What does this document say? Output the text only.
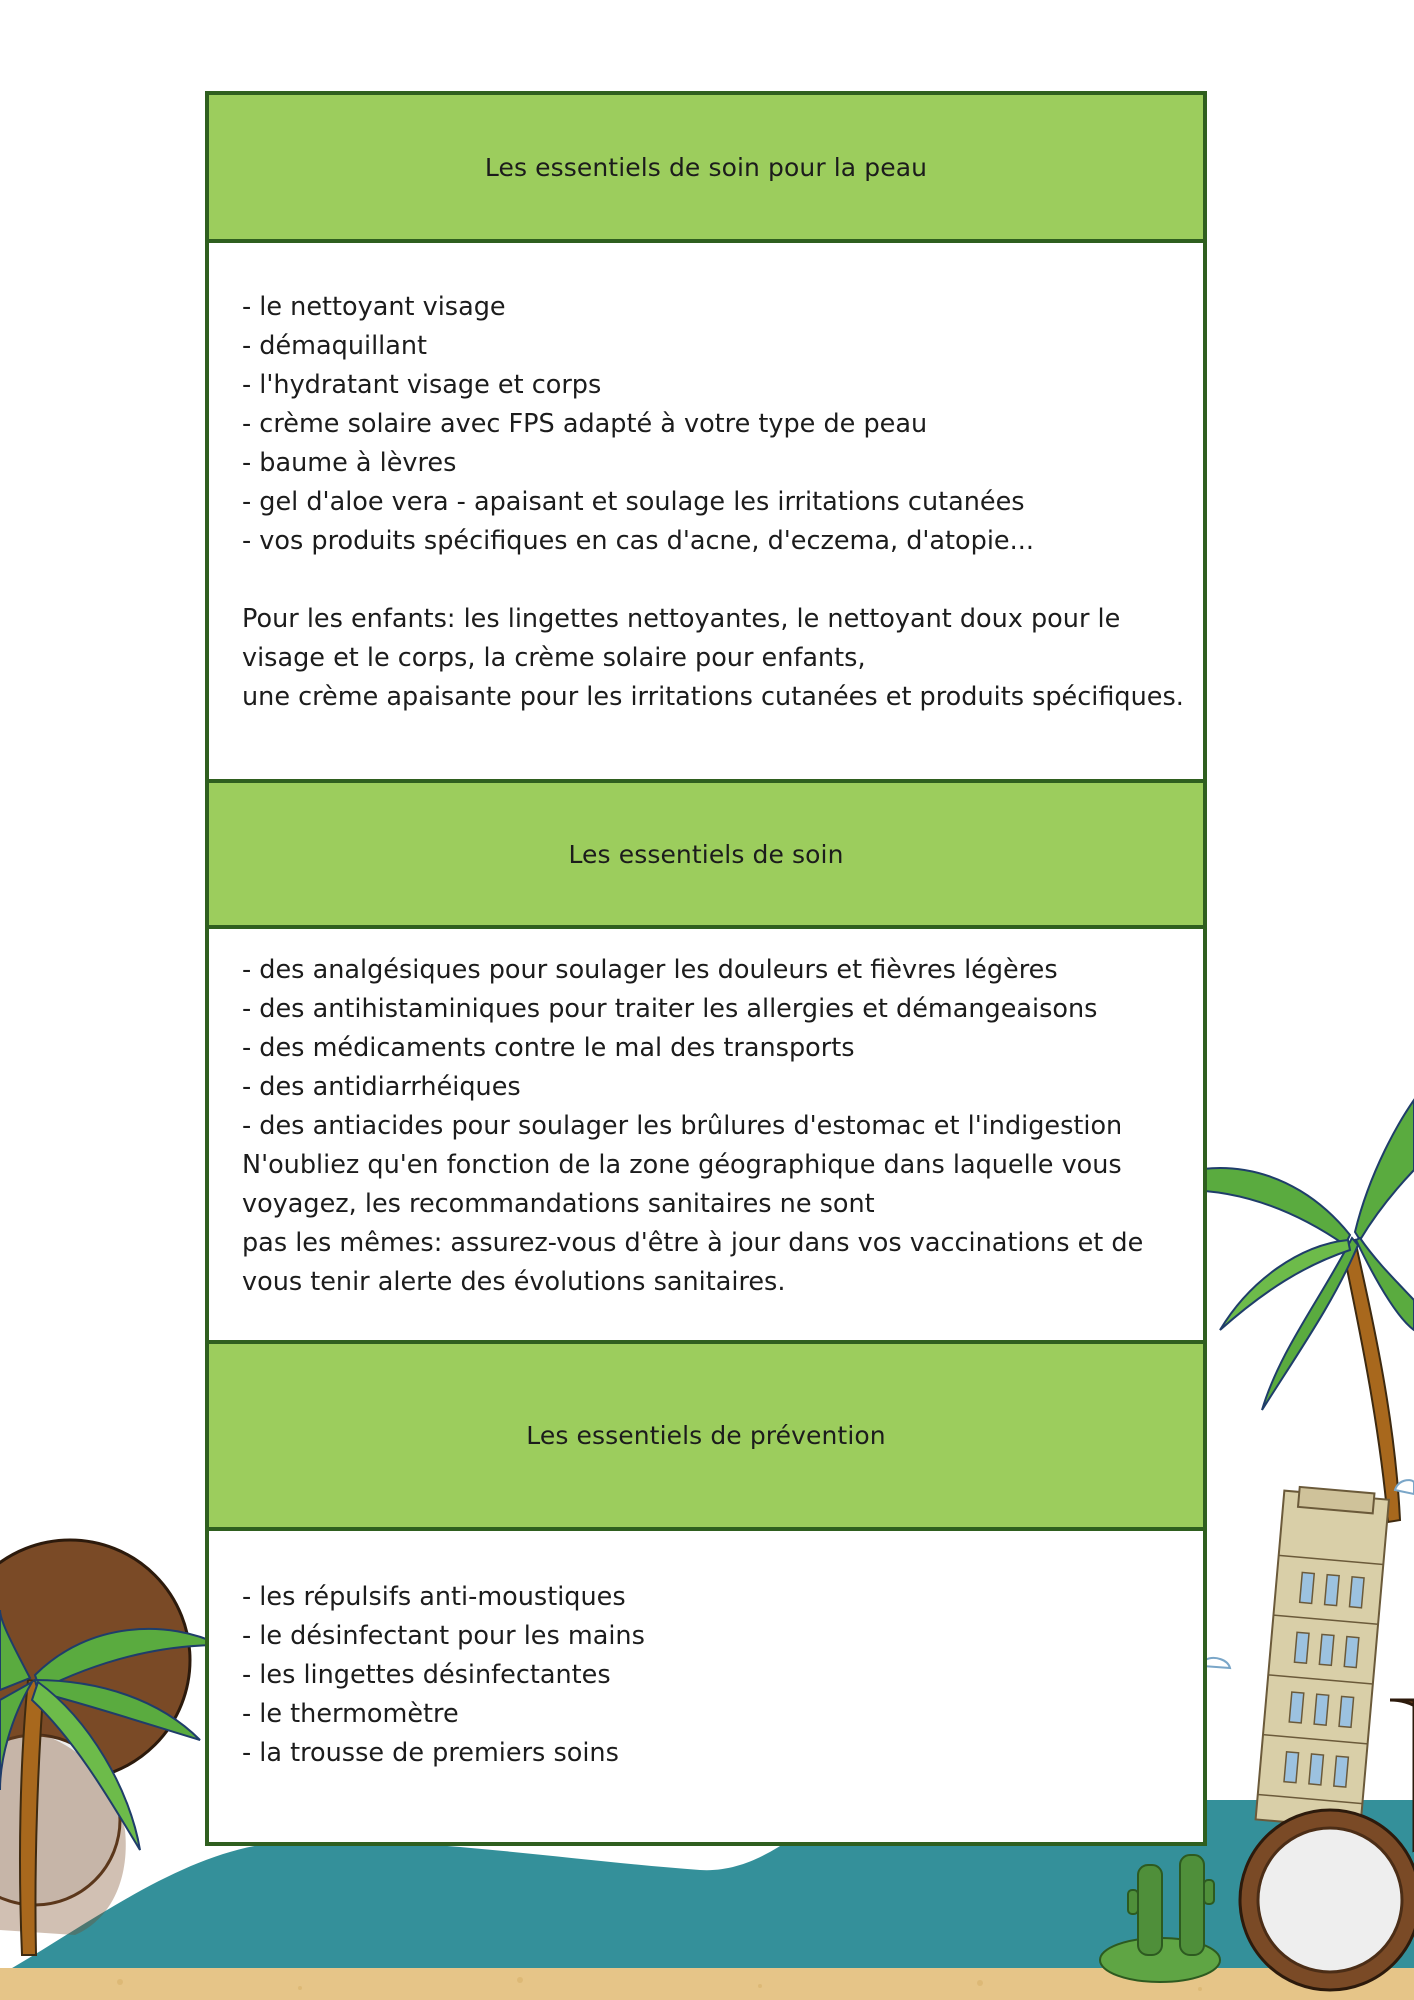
Les essentiels de soin pour la peau
- le nettoyant visage
- démaquillant
- l'hydratant visage et corps
- crème solaire avec FPS adapté à votre type de peau
- baume à lèvres
- gel d'aloe vera - apaisant et soulage les irritations cutanées
- vos produits spécifiques en cas d'acne, d'eczema, d'atopie...
Pour les enfants: les lingettes nettoyantes, le nettoyant doux pour le
visage et le corps, la crème solaire pour enfants,
une crème apaisante pour les irritations cutanées et produits spécifiques.
Les essentiels de soin
- des analgésiques pour soulager les douleurs et fièvres légères
- des antihistaminiques pour traiter les allergies et démangeaisons
- des médicaments contre le mal des transports
- des antidiarrhéiques
- des antiacides pour soulager les brûlures d'estomac et l'indigestion
N'oubliez qu'en fonction de la zone géographique dans laquelle vous
voyagez, les recommandations sanitaires ne sont
pas les mêmes: assurez-vous d'être à jour dans vos vaccinations et de
vous tenir alerte des évolutions sanitaires.
Les essentiels de prévention
- les répulsifs anti-moustiques
- le désinfectant pour les mains
- les lingettes désinfectantes
- le thermomètre
- la trousse de premiers soins
